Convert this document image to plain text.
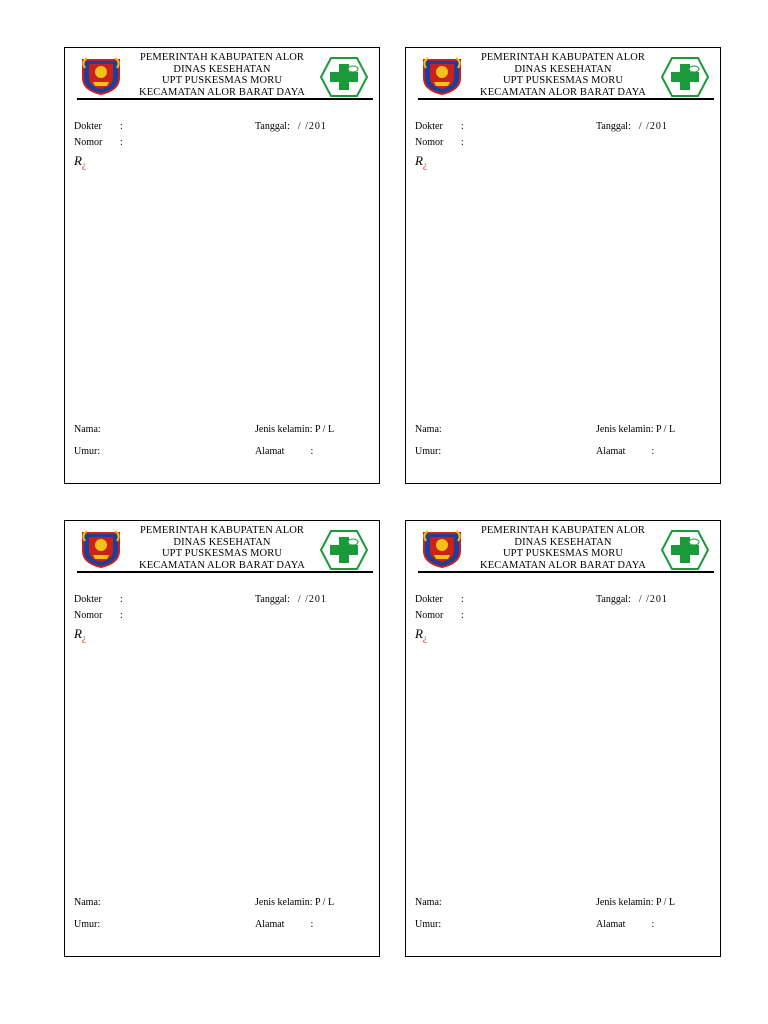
PEMERINTAH KABUPATEN ALOR
DINAS KESEHATAN
UPT PUSKESMAS MORU
KECAMATAN ALOR BARAT DAYA
Dokter :
Nomor :
Tanggal: / /201
$R_¿$
Nama:	Jenis kelamin: P / L
Umur:	Alamat	:
PEMERINTAH KABUPATEN ALOR
DINAS KESEHATAN
UPT PUSKESMAS MORU
KECAMATAN ALOR BARAT DAYA
Dokter :
Nomor :
Tanggal: / /201
$R_¿$
Nama:	Jenis kelamin: P / L
Umur:	Alamat	:
PEMERINTAH KABUPATEN ALOR
DINAS KESEHATAN
UPT PUSKESMAS MORU
KECAMATAN ALOR BARAT DAYA
Dokter :
Nomor :
Tanggal: / /201
$R_¿$
Nama:	Jenis kelamin: P / L
Umur:	Alamat	:
PEMERINTAH KABUPATEN ALOR
DINAS KESEHATAN
UPT PUSKESMAS MORU
KECAMATAN ALOR BARAT DAYA
Dokter :
Nomor :
Tanggal: / /201
$R_¿$
Nama:	Jenis kelamin: P / L
Umur:	Alamat	:
